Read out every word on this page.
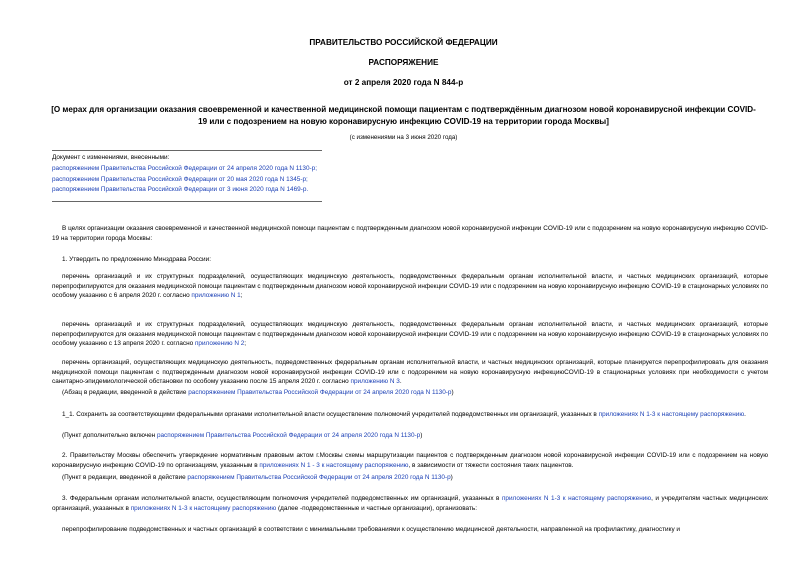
ПРАВИТЕЛЬСТВО РОССИЙСКОЙ ФЕДЕРАЦИИ
РАСПОРЯЖЕНИЕ
от 2 апреля 2020 года N 844-р
[О мерах для организации оказания своевременной и качественной медицинской помощи пациентам с подтверждённым диагнозом новой коронавирусной инфекции COVID-19 или с подозрением на новую коронавирусную инфекцию COVID-19 на территории города Москвы]
(с изменениями на 3 июня 2020 года)
Документ с изменениями, внесенными:
распоряжением Правительства Российской Федерации от 24 апреля 2020 года N 1130-р;
распоряжением Правительства Российской Федерации от 20 мая 2020 года N 1345-р;
распоряжением Правительства Российской Федерации от 3 июня 2020 года N 1469-р.
В целях организации оказания своевременной и качественной медицинской помощи пациентам с подтвержденным диагнозом новой коронавирусной инфекции COVID-19 или с подозрением на новую коронавирусную инфекцию COVID-19 на территории города Москвы:
1. Утвердить по предложению Минздрава России:
перечень организаций и их структурных подразделений, осуществляющих медицинскую деятельность, подведомственных федеральным органам исполнительной власти, и частных медицинских организаций, которые перепрофилируются для оказания медицинской помощи пациентам с подтвержденным диагнозом новой коронавирусной инфекции COVID-19 или с подозрением на новую коронавирусную инфекцию COVID-19 в стационарных условиях по особому указанию с 6 апреля 2020 г. согласно приложению N 1;
перечень организаций и их структурных подразделений, осуществляющих медицинскую деятельность, подведомственных федеральным органам исполнительной власти, и частных медицинских организаций, которые перепрофилируются для оказания медицинской помощи пациентам с подтвержденным диагнозом новой коронавирусной инфекции COVID-19 или с подозрением на новую коронавирусную инфекцию COVID-19 в стационарных условиях по особому указанию с 13 апреля 2020 г. согласно приложению N 2;
перечень организаций, осуществляющих медицинскую деятельность, подведомственных федеральным органам исполнительной власти, и частных медицинских организаций, которые планируется перепрофилировать для оказания медицинской помощи пациентам с подтвержденным диагнозом новой коронавирусной инфекции COVID-19 или с подозрением на новую коронавирусную инфекциюCOVID-19 в стационарных условиях при необходимости с учетом санитарно-эпидемиологической обстановки по особому указанию после 15 апреля 2020 г. согласно приложению N 3.
(Абзац в редакции, введенной в действие распоряжением Правительства Российской Федерации от 24 апреля 2020 года N 1130-р)
1_1. Сохранить за соответствующими федеральными органами исполнительной власти осуществление полномочий учредителей подведомственных им организаций, указанных в приложениях N 1-3 к настоящему распоряжению.
(Пункт дополнительно включен распоряжением Правительства Российской Федерации от 24 апреля 2020 года N 1130-р)
2. Правительству Москвы обеспечить утверждение нормативным правовым актом г.Москвы схемы маршрутизации пациентов с подтвержденным диагнозом новой коронавирусной инфекции COVID-19 или с подозрением на новую коронавирусную инфекцию COVID-19 по организациям, указанным в приложениях N 1 - 3 к настоящему распоряжению, в зависимости от тяжести состояния таких пациентов.
(Пункт в редакции, введенной в действие распоряжением Правительства Российской Федерации от 24 апреля 2020 года N 1130-р)
3. Федеральным органам исполнительной власти, осуществляющим полномочия учредителей подведомственных им организаций, указанных в приложениях N 1-3 к настоящему распоряжению, и учредителям частных медицинских организаций, указанных в приложениях N 1-3 к настоящему распоряжению (далее -подведомственные и частные организации), организовать:
перепрофилирование подведомственных и частных организаций в соответствии с минимальными требованиями к осуществлению медицинской деятельности, направленной на профилактику, диагностику и
